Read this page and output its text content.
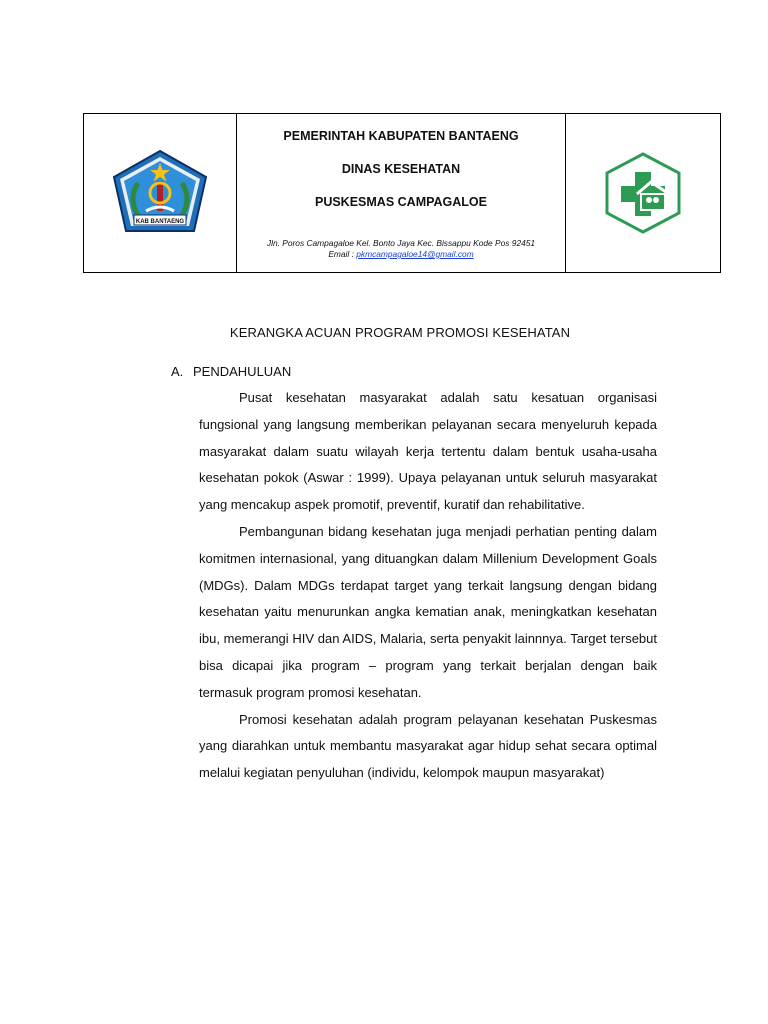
KAB BANTAENG
PEMERINTAH KABUPATEN BANTAENG
DINAS KESEHATAN
PUSKESMAS CAMPAGALOE
Jln. Poros Campagaloe Kel. Bonto Jaya Kec. Bissappu Kode Pos 92451
Email : pkmcampagaloe14@gmail.com
KERANGKA ACUAN PROGRAM PROMOSI KESEHATAN
A. PENDAHULUAN

Pusat kesehatan masyarakat adalah satu kesatuan organisasi fungsional yang langsung memberikan pelayanan secara menyeluruh kepada masyarakat dalam suatu wilayah kerja tertentu dalam bentuk usaha-usaha kesehatan pokok (Aswar : 1999). Upaya pelayanan untuk seluruh masyarakat yang mencakup aspek promotif, preventif, kuratif dan rehabilitative.

Pembangunan bidang kesehatan juga menjadi perhatian penting dalam komitmen internasional, yang dituangkan dalam Millenium Development Goals (MDGs). Dalam MDGs terdapat target yang terkait langsung dengan bidang kesehatan yaitu menurunkan angka kematian anak, meningkatkan kesehatan ibu, memerangi HIV dan AIDS, Malaria, serta penyakit lainnnya. Target tersebut bisa dicapai jika program – program yang terkait berjalan dengan baik termasuk program promosi kesehatan.

Promosi kesehatan adalah program pelayanan kesehatan Puskesmas yang diarahkan untuk membantu masyarakat agar hidup sehat secara optimal melalui kegiatan penyuluhan (individu, kelompok maupun masyarakat)
